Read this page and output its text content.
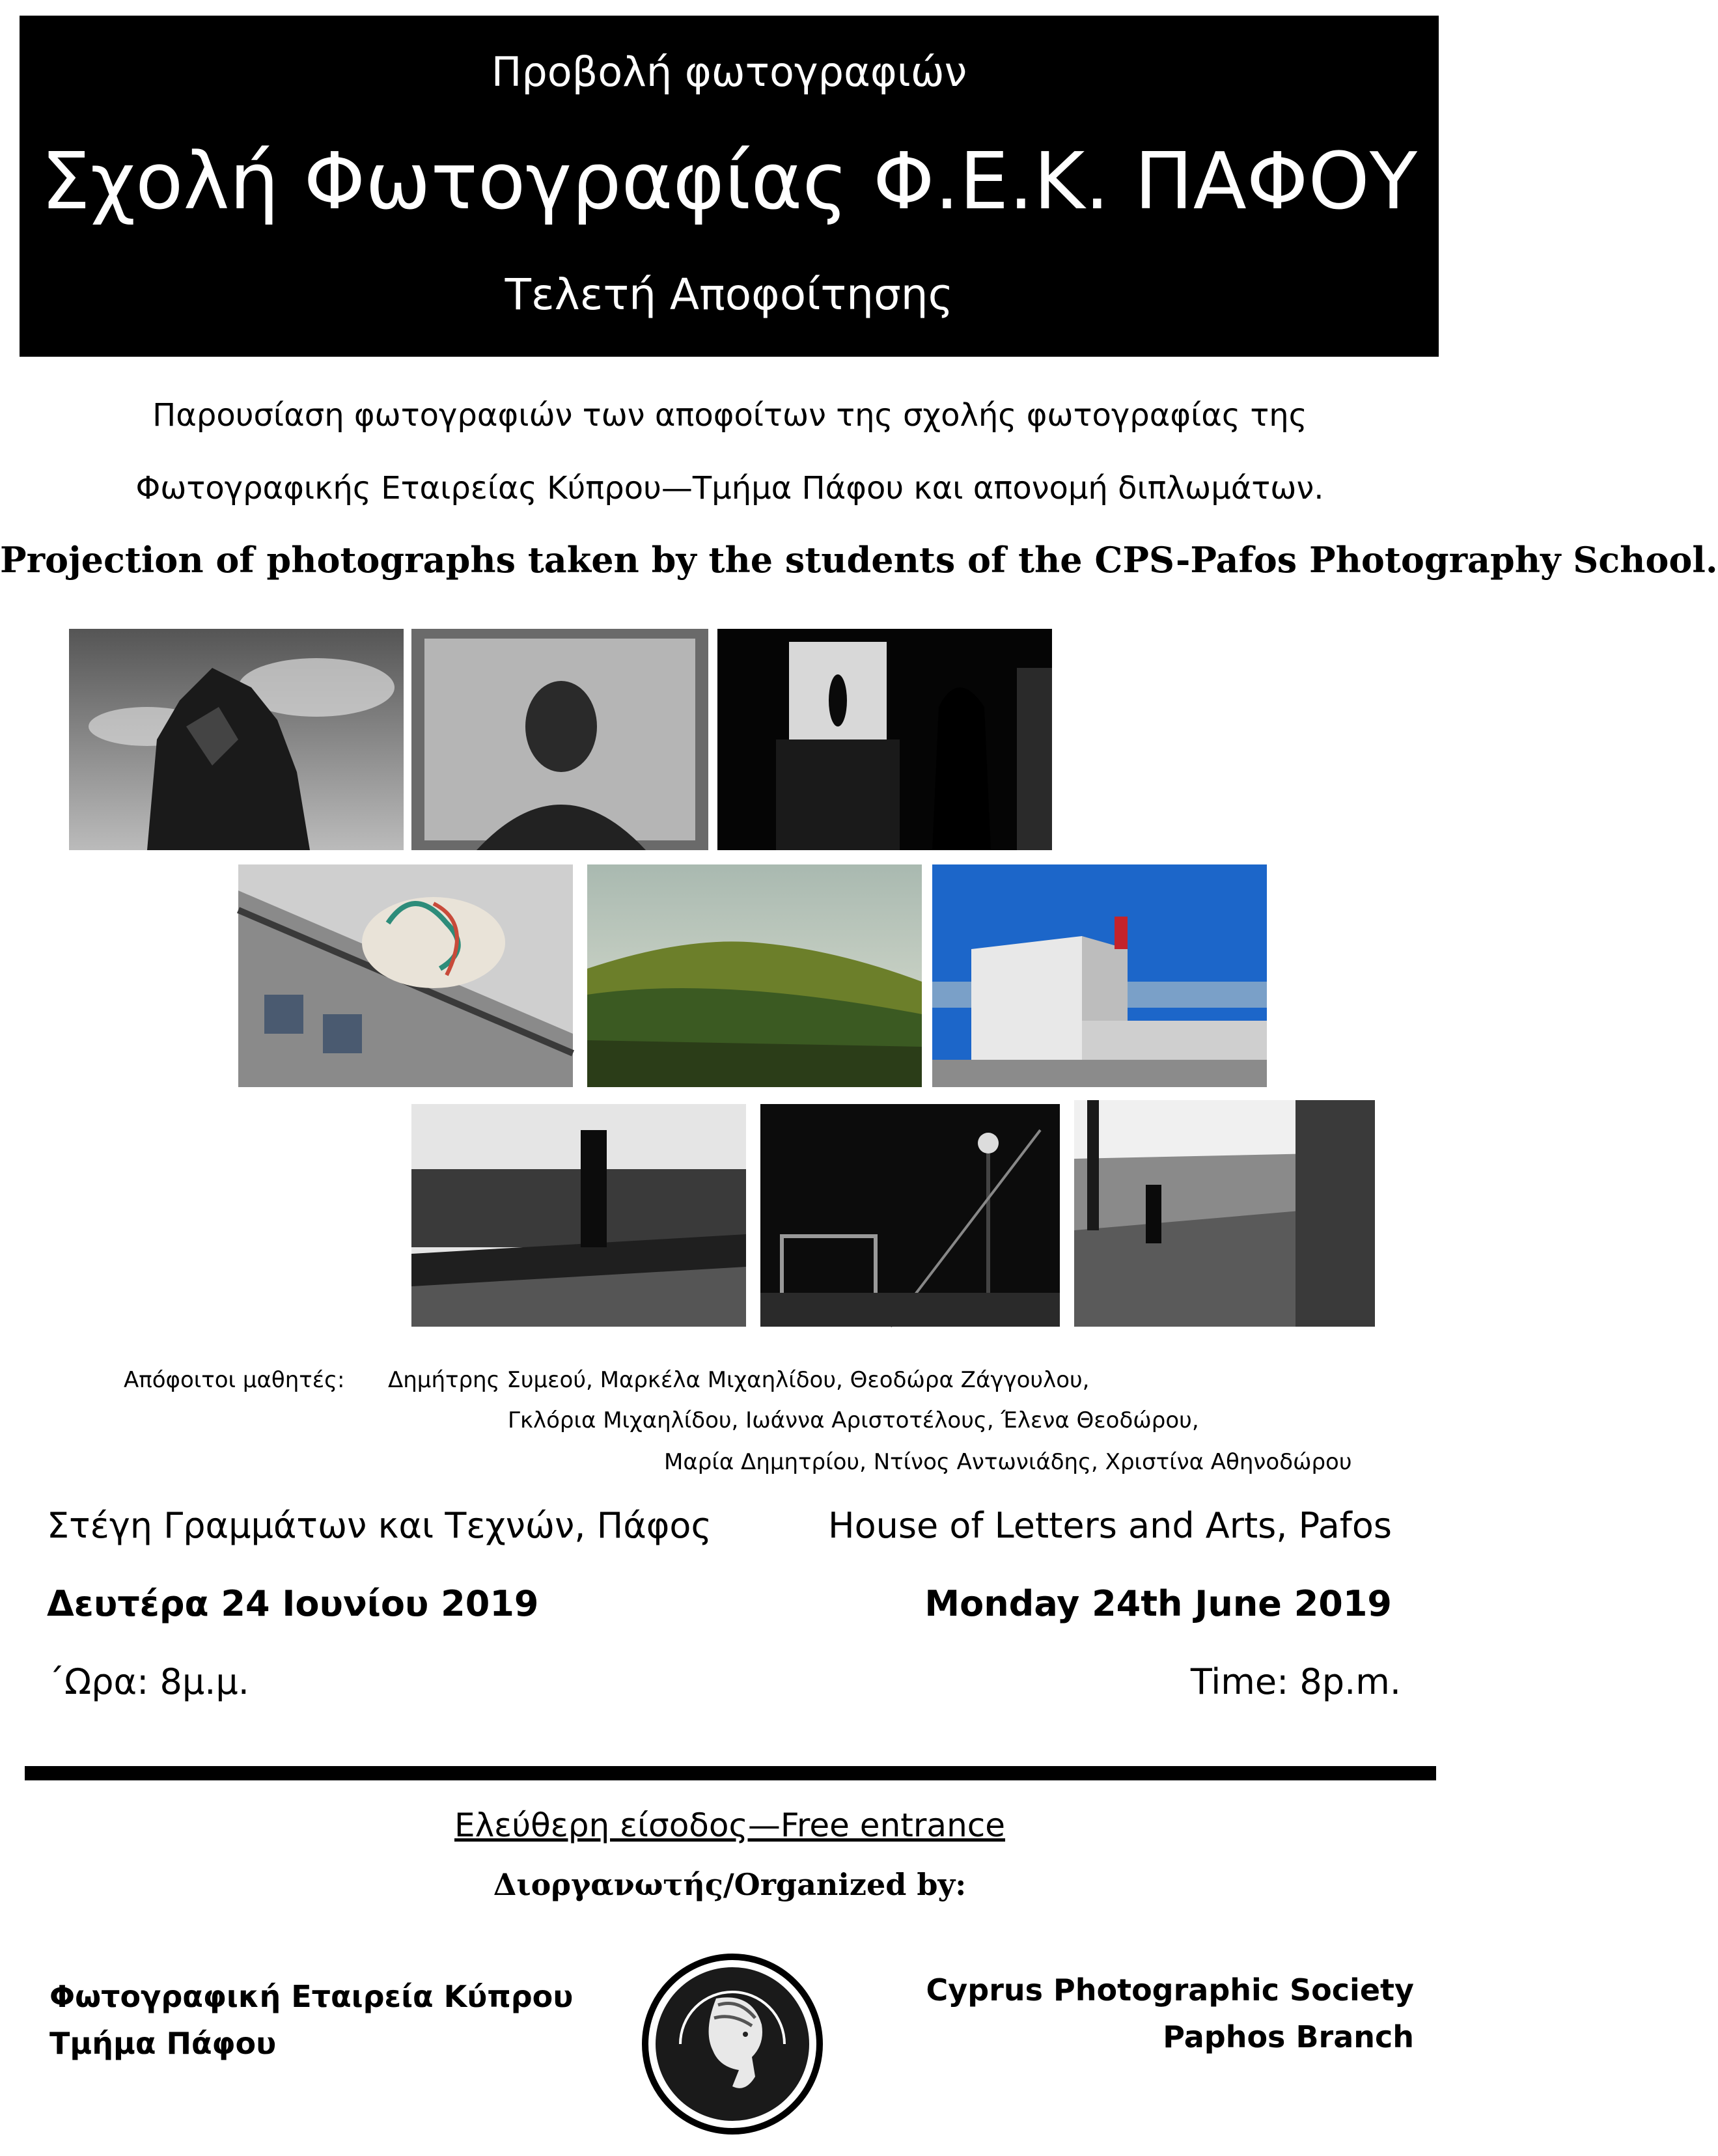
Προβολή φωτογραφιών
Σχολή Φωτογραφίας Φ.Ε.Κ. ΠΑΦΟΥ
Τελετή Αποφοίτησης
Παρουσίαση φωτογραφιών των αποφοίτων της σχολής φωτογραφίας της
Φωτογραφικής Εταιρείας Κύπρου—Τμήμα Πάφου και απονομή διπλωμάτων.
Projection of photographs taken by the students of the CPS-Pafos Photography School.
Απόφοιτοι μαθητές: Δημήτρης Συμεού, Μαρκέλα Μιχαηλίδου, Θεοδώρα Ζάγγουλου,
Γκλόρια Μιχαηλίδου, Ιωάννα Αριστοτέλους, Έλενα Θεοδώρου,
Μαρία Δημητρίου, Ντίνος Αντωνιάδης, Χριστίνα Αθηνοδώρου
Στέγη Γραμμάτων και Τεχνών, Πάφος	House of Letters and Arts, Pafos
Δευτέρα 24 Ιουνίου 2019	Monday 24th June 2019
΄Ωρα: 8μ.μ.	Time: 8p.m.
Ελεύθερη είσοδος—Free entrance
Διοργανωτής/Organized by:
Φωτογραφική Εταιρεία Κύπρου
Τμήμα Πάφου
Cyprus Photographic Society
Paphos Branch
